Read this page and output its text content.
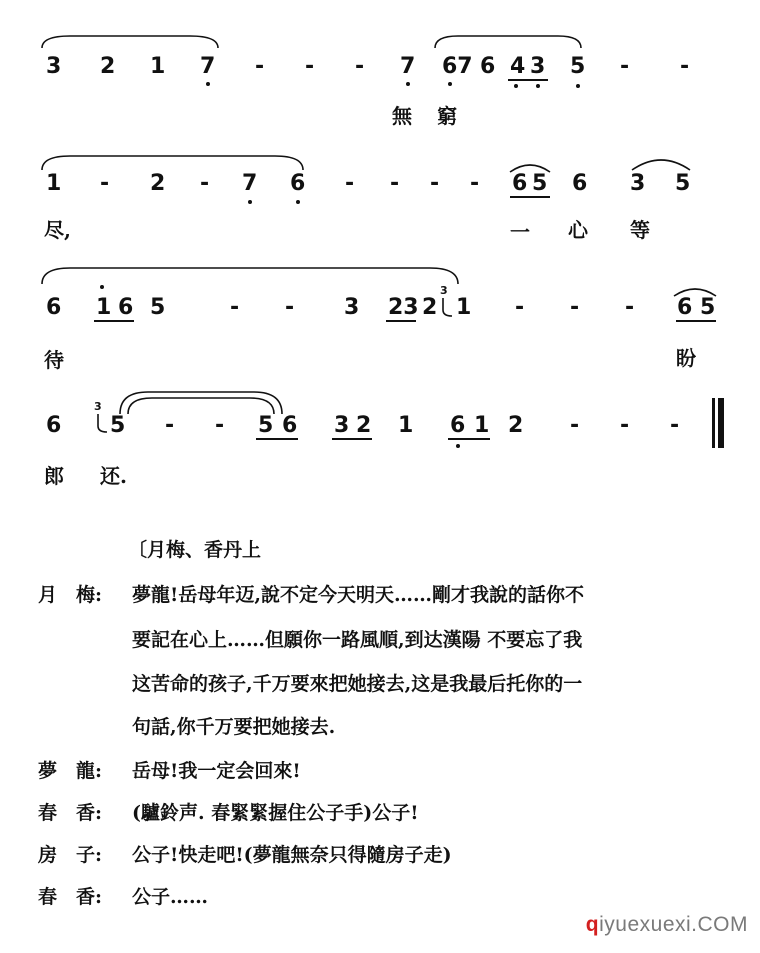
3 2 1 7 - - - 7 67 6 4 3 5 - -
無 窮
1 - 2 - 7 6 - - - - 6 5 6 3 5
尽,	一 心 等
6 1 6 5	- - 3 23 2
3
1 - - - 6 5
待	盼
6
3
5 - - 5 6 3 2 1 6 1 2 - - -
郎 还.
〔月梅、香丹上
月　梅: 夢龍!岳母年迈,說不定今天明天……剛才我說的話你不
要記在心上……但願你一路風順,到达漢陽 不要忘了我
这苦命的孩子,千万要來把她接去,这是我最后托你的一
句話,你千万要把她接去.
夢　龍: 岳母!我一定会回來!
春　香: (驢鈴声. 春緊緊握住公子手)公子!
房　子: 公子!快走吧!(夢龍無奈只得隨房子走)
春　香: 公子……
qiyuexuexi.COM
